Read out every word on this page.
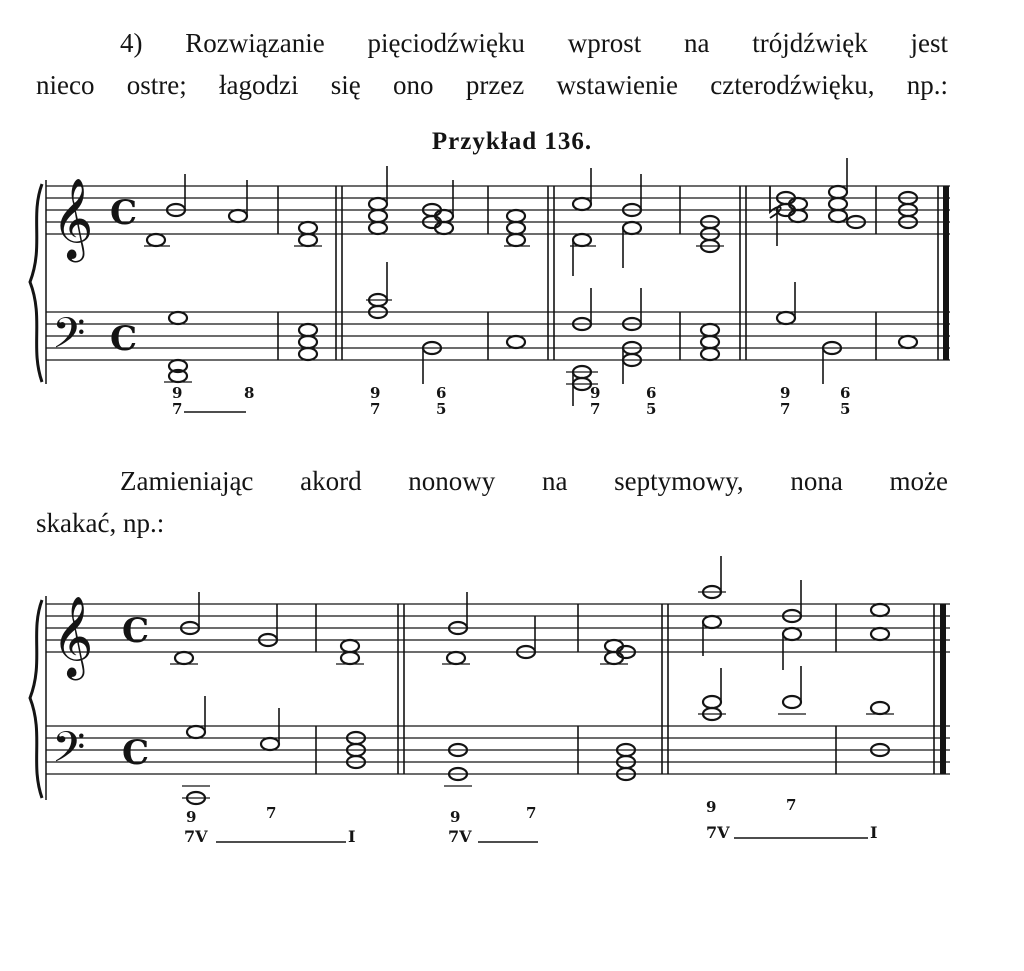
4) Rozwiązanie pięciodźwięku wprost na trójdźwięk jest
nieco ostre; łagodzi się ono przez wstawienie czterodźwięku, np.:

Przykład 136.
𝄞
𝄢
C
C
9
7
8	9
7
6
5
9
7
6
5
9
7
6
5

Zamieniając akord nonowy na septymowy, nona może
skakać, np.:

𝄞
𝄢
C
C
9	7	9	7	9	7
7V	I	7V	7V	I
